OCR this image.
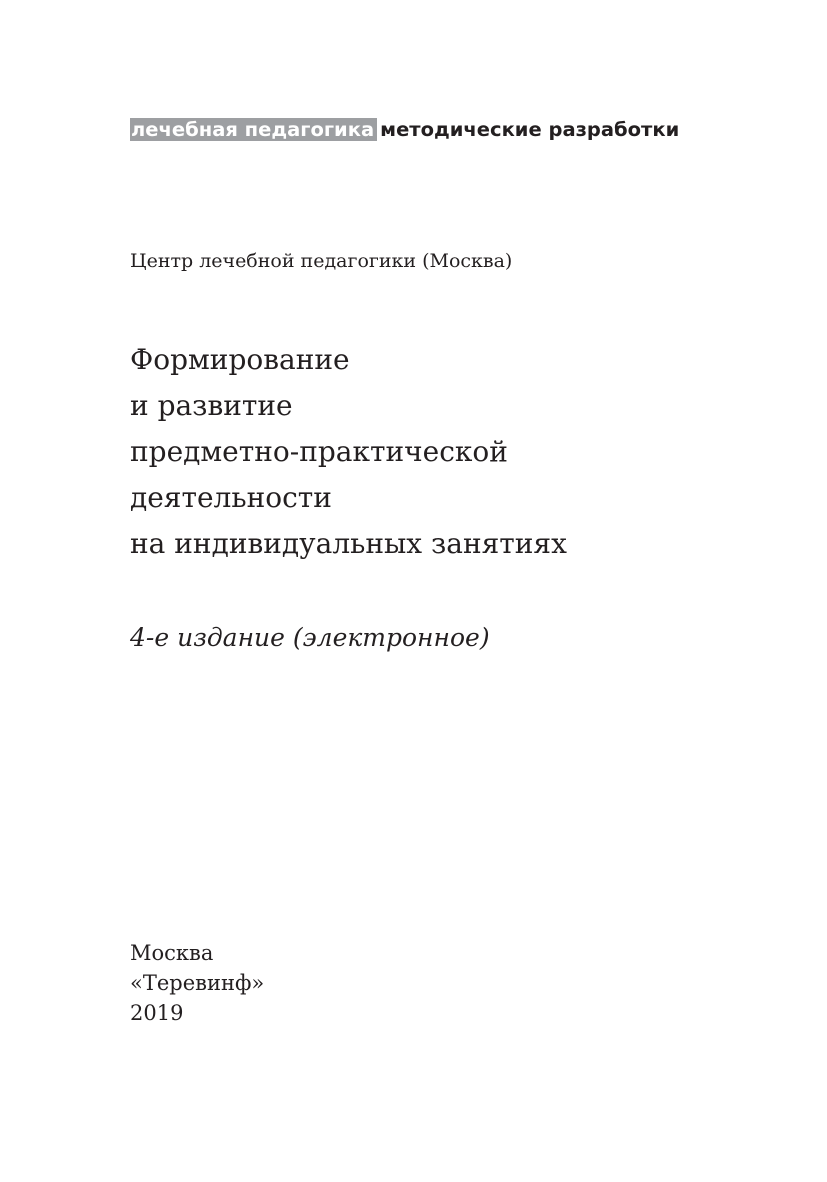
лечебная педагогика методические разработки
Центр лечебной педагогики (Москва)
Формирование
и развитие
предметно-практической
деятельности
на индивидуальных занятиях
4-е издание (электронное)
Москва
«Теревинф»
2019
